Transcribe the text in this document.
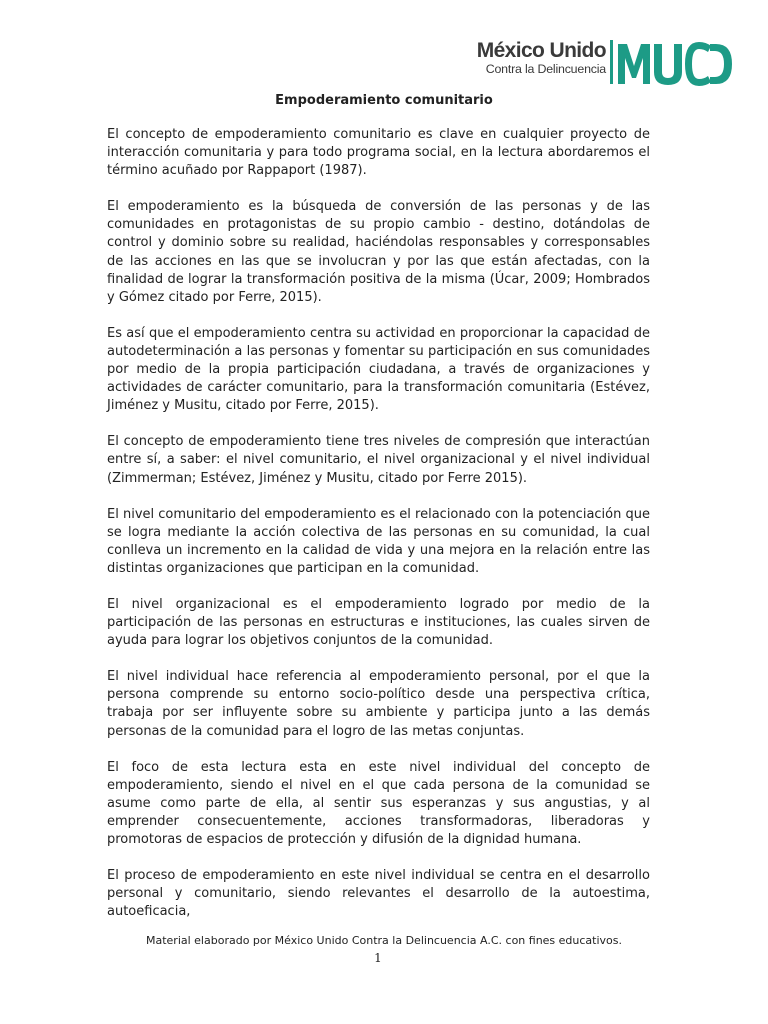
México Unido
Contra la Delincuencia
Empoderamiento comunitario

El concepto de empoderamiento comunitario es clave en cualquier proyecto de interacción comunitaria y para todo programa social, en la lectura abordaremos el término acuñado por Rappaport (1987).

El empoderamiento es la búsqueda de conversión de las personas y de las comunidades en protagonistas de su propio cambio - destino, dotándolas de control y dominio sobre su realidad, haciéndolas responsables y corresponsables de las acciones en las que se involucran y por las que están afectadas, con la finalidad de lograr la transformación positiva de la misma (Úcar, 2009; Hombrados y Gómez citado por Ferre, 2015).

Es así que el empoderamiento centra su actividad en proporcionar la capacidad de autodeterminación a las personas y fomentar su participación en sus comunidades por medio de la propia participación ciudadana, a través de organizaciones y actividades de carácter comunitario, para la transformación comunitaria (Estévez, Jiménez y Musitu, citado por Ferre, 2015).

El concepto de empoderamiento tiene tres niveles de compresión que interactúan entre sí, a saber: el nivel comunitario, el nivel organizacional y el nivel individual (Zimmerman; Estévez, Jiménez y Musitu, citado por Ferre 2015).

El nivel comunitario del empoderamiento es el relacionado con la potenciación que se logra mediante la acción colectiva de las personas en su comunidad, la cual conlleva un incremento en la calidad de vida y una mejora en la relación entre las distintas organizaciones que participan en la comunidad.

El nivel organizacional es el empoderamiento logrado por medio de la participación de las personas en estructuras e instituciones, las cuales sirven de ayuda para lograr los objetivos conjuntos de la comunidad.

El nivel individual hace referencia al empoderamiento personal, por el que la persona comprende su entorno socio-político desde una perspectiva crítica, trabaja por ser influyente sobre su ambiente y participa junto a las demás personas de la comunidad para el logro de las metas conjuntas.

El foco de esta lectura esta en este nivel individual del concepto de empoderamiento, siendo el nivel en el que cada persona de la comunidad se asume como parte de ella, al sentir sus esperanzas y sus angustias, y al emprender consecuentemente, acciones transformadoras, liberadoras y promotoras de espacios de protección y difusión de la dignidad humana.

El proceso de empoderamiento en este nivel individual se centra en el desarrollo personal y comunitario, siendo relevantes el desarrollo de la autoestima, autoeficacia,

Material elaborado por México Unido Contra la Delincuencia A.C. con fines educativos.
1
